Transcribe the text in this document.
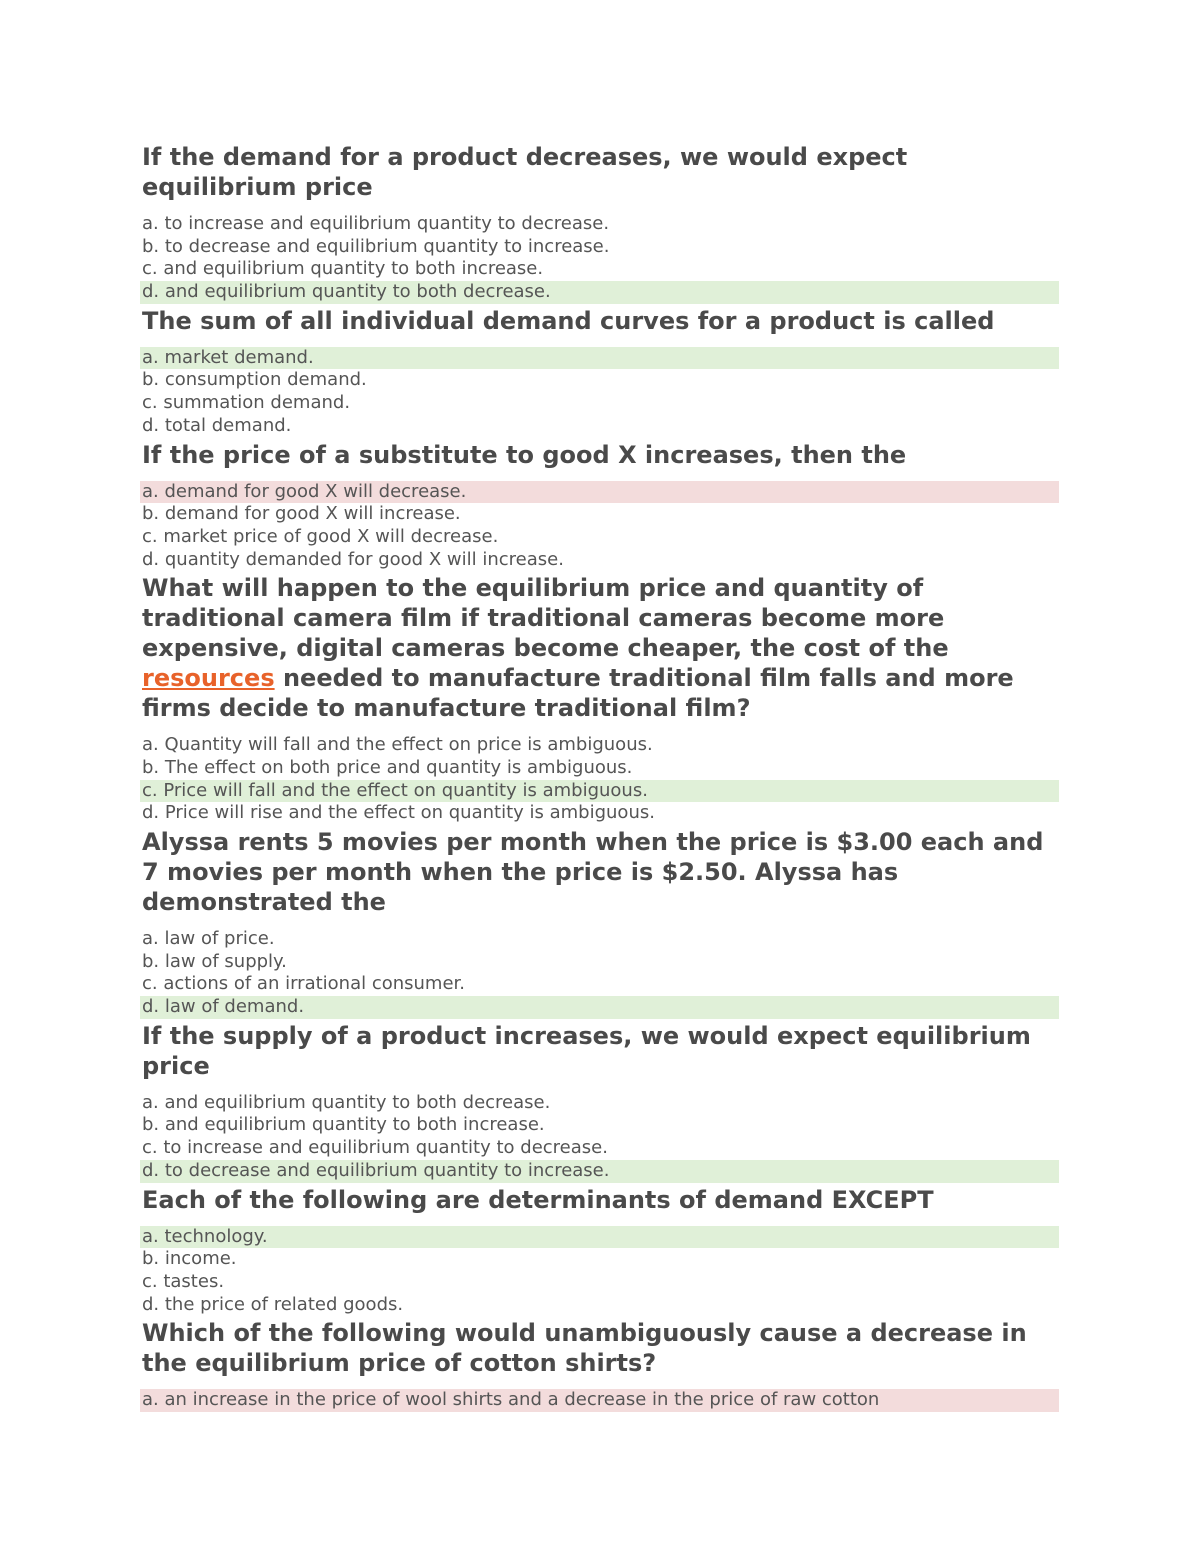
If the demand for a product decreases, we would expect equilibrium price
a. to increase and equilibrium quantity to decrease.
b. to decrease and equilibrium quantity to increase.
c. and equilibrium quantity to both increase.
d. and equilibrium quantity to both decrease.
The sum of all individual demand curves for a product is called
a. market demand.
b. consumption demand.
c. summation demand.
d. total demand.
If the price of a substitute to good X increases, then the
a. demand for good X will decrease.
b. demand for good X will increase.
c. market price of good X will decrease.
d. quantity demanded for good X will increase.
What will happen to the equilibrium price and quantity of traditional camera film if traditional cameras become more expensive, digital cameras become cheaper, the cost of the resources needed to manufacture traditional film falls and more firms decide to manufacture traditional film?
a. Quantity will fall and the effect on price is ambiguous.
b. The effect on both price and quantity is ambiguous.
c. Price will fall and the effect on quantity is ambiguous.
d. Price will rise and the effect on quantity is ambiguous.
Alyssa rents 5 movies per month when the price is $3.00 each and 7 movies per month when the price is $2.50. Alyssa has demonstrated the
a. law of price.
b. law of supply.
c. actions of an irrational consumer.
d. law of demand.
If the supply of a product increases, we would expect equilibrium price
a. and equilibrium quantity to both decrease.
b. and equilibrium quantity to both increase.
c. to increase and equilibrium quantity to decrease.
d. to decrease and equilibrium quantity to increase.
Each of the following are determinants of demand EXCEPT
a. technology.
b. income.
c. tastes.
d. the price of related goods.
Which of the following would unambiguously cause a decrease in the equilibrium price of cotton shirts?
a. an increase in the price of wool shirts and a decrease in the price of raw cotton
